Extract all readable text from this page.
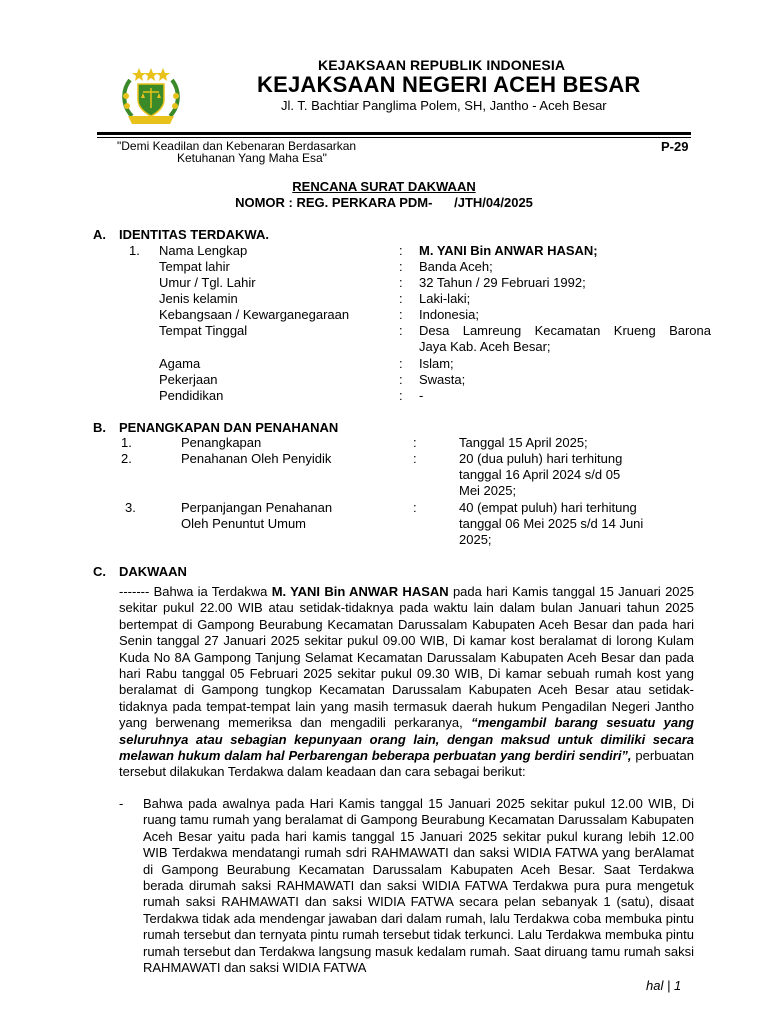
KEJAKSAAN REPUBLIK INDONESIA
KEJAKSAAN NEGERI ACEH BESAR
Jl. T. Bachtiar Panglima Polem, SH, Jantho - Aceh Besar
"Demi Keadilan dan Kebenaran Berdasarkan
Ketuhanan Yang Maha Esa"
P-29
RENCANA SURAT DAKWAAN
NOMOR : REG. PERKARA PDM-      /JTH/04/2025
A. IDENTITAS TERDAKWA.
1. Nama Lengkap	: M. YANI Bin ANWAR HASAN;
Tempat lahir	: Banda Aceh;
Umur / Tgl. Lahir	: 32 Tahun / 29 Februari 1992;
Jenis kelamin	: Laki-laki;
Kebangsaan / Kewarganegaraan	: Indonesia;
Tempat Tinggal	: Desa Lamreung Kecamatan Krueng Barona
Jaya Kab. Aceh Besar;
Agama	: Islam;
Pekerjaan	: Swasta;
Pendidikan	: -
B. PENANGKAPAN DAN PENAHANAN
1.	Penangkapan	:	Tanggal 15 April 2025;
2.	Penahanan Oleh Penyidik	:	20 (dua puluh) hari terhitung
tanggal 16 April 2024 s/d 05
Mei 2025;
3.	Perpanjangan Penahanan
Oleh Penuntut Umum
:	40 (empat puluh) hari terhitung
tanggal 06 Mei 2025 s/d 14 Juni
2025;
C. DAKWAAN
------- Bahwa ia Terdakwa M. YANI Bin ANWAR HASAN pada hari Kamis tanggal 15 Januari 2025 sekitar pukul 22.00 WIB atau setidak-tidaknya pada waktu lain dalam bulan Januari tahun 2025 bertempat di Gampong Beurabung Kecamatan Darussalam Kabupaten Aceh Besar dan pada hari Senin tanggal 27 Januari 2025 sekitar pukul 09.00 WIB, Di kamar kost beralamat di lorong Kulam Kuda No 8A Gampong Tanjung Selamat Kecamatan Darussalam Kabupaten Aceh Besar dan pada hari Rabu tanggal 05 Februari 2025 sekitar pukul 09.30 WIB, Di kamar sebuah rumah kost yang beralamat di Gampong tungkop Kecamatan Darussalam Kabupaten Aceh Besar atau setidak-tidaknya pada tempat-tempat lain yang masih termasuk daerah hukum Pengadilan Negeri Jantho yang berwenang memeriksa dan mengadili perkaranya, “mengambil barang sesuatu yang seluruhnya atau sebagian kepunyaan orang lain, dengan maksud untuk dimiliki secara melawan hukum dalam hal Perbarengan beberapa perbuatan yang berdiri sendiri”, perbuatan tersebut dilakukan Terdakwa dalam keadaan dan cara sebagai berikut:
- Bahwa pada awalnya pada Hari Kamis tanggal 15 Januari 2025 sekitar pukul 12.00 WIB, Di ruang tamu rumah yang beralamat di Gampong Beurabung Kecamatan Darussalam Kabupaten Aceh Besar yaitu pada hari kamis tanggal 15 Januari 2025 sekitar pukul kurang lebih 12.00 WIB Terdakwa mendatangi rumah sdri RAHMAWATI dan saksi WIDIA FATWA yang berAlamat di Gampong Beurabung Kecamatan Darussalam Kabupaten Aceh Besar. Saat Terdakwa berada dirumah saksi RAHMAWATI dan saksi WIDIA FATWA Terdakwa pura pura mengetuk rumah saksi RAHMAWATI dan saksi WIDIA FATWA secara pelan sebanyak 1 (satu), disaat Terdakwa tidak ada mendengar jawaban dari dalam rumah, lalu Terdakwa coba membuka pintu rumah tersebut dan ternyata pintu rumah tersebut tidak terkunci. Lalu Terdakwa membuka pintu rumah tersebut dan Terdakwa langsung masuk kedalam rumah. Saat diruang tamu rumah saksi RAHMAWATI dan saksi WIDIA FATWA
hal | 1
